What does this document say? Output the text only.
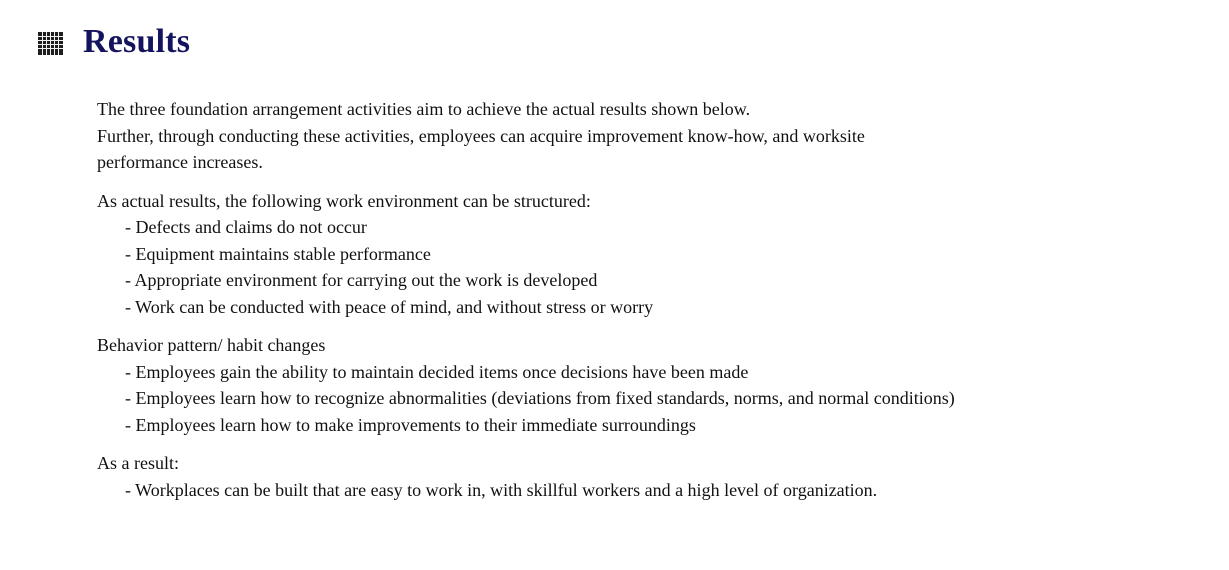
Results

The three foundation arrangement activities aim to achieve the actual results shown below.
Further, through conducting these activities, employees can acquire improvement know-how, and worksite
performance increases.

As actual results, the following work environment can be structured:
- Defects and claims do not occur
- Equipment maintains stable performance
- Appropriate environment for carrying out the work is developed
- Work can be conducted with peace of mind, and without stress or worry
Behavior pattern/ habit changes
- Employees gain the ability to maintain decided items once decisions have been made
- Employees learn how to recognize abnormalities (deviations from fixed standards, norms, and normal conditions)
- Employees learn how to make improvements to their immediate surroundings
As a result:
- Workplaces can be built that are easy to work in, with skillful workers and a high level of organization.
